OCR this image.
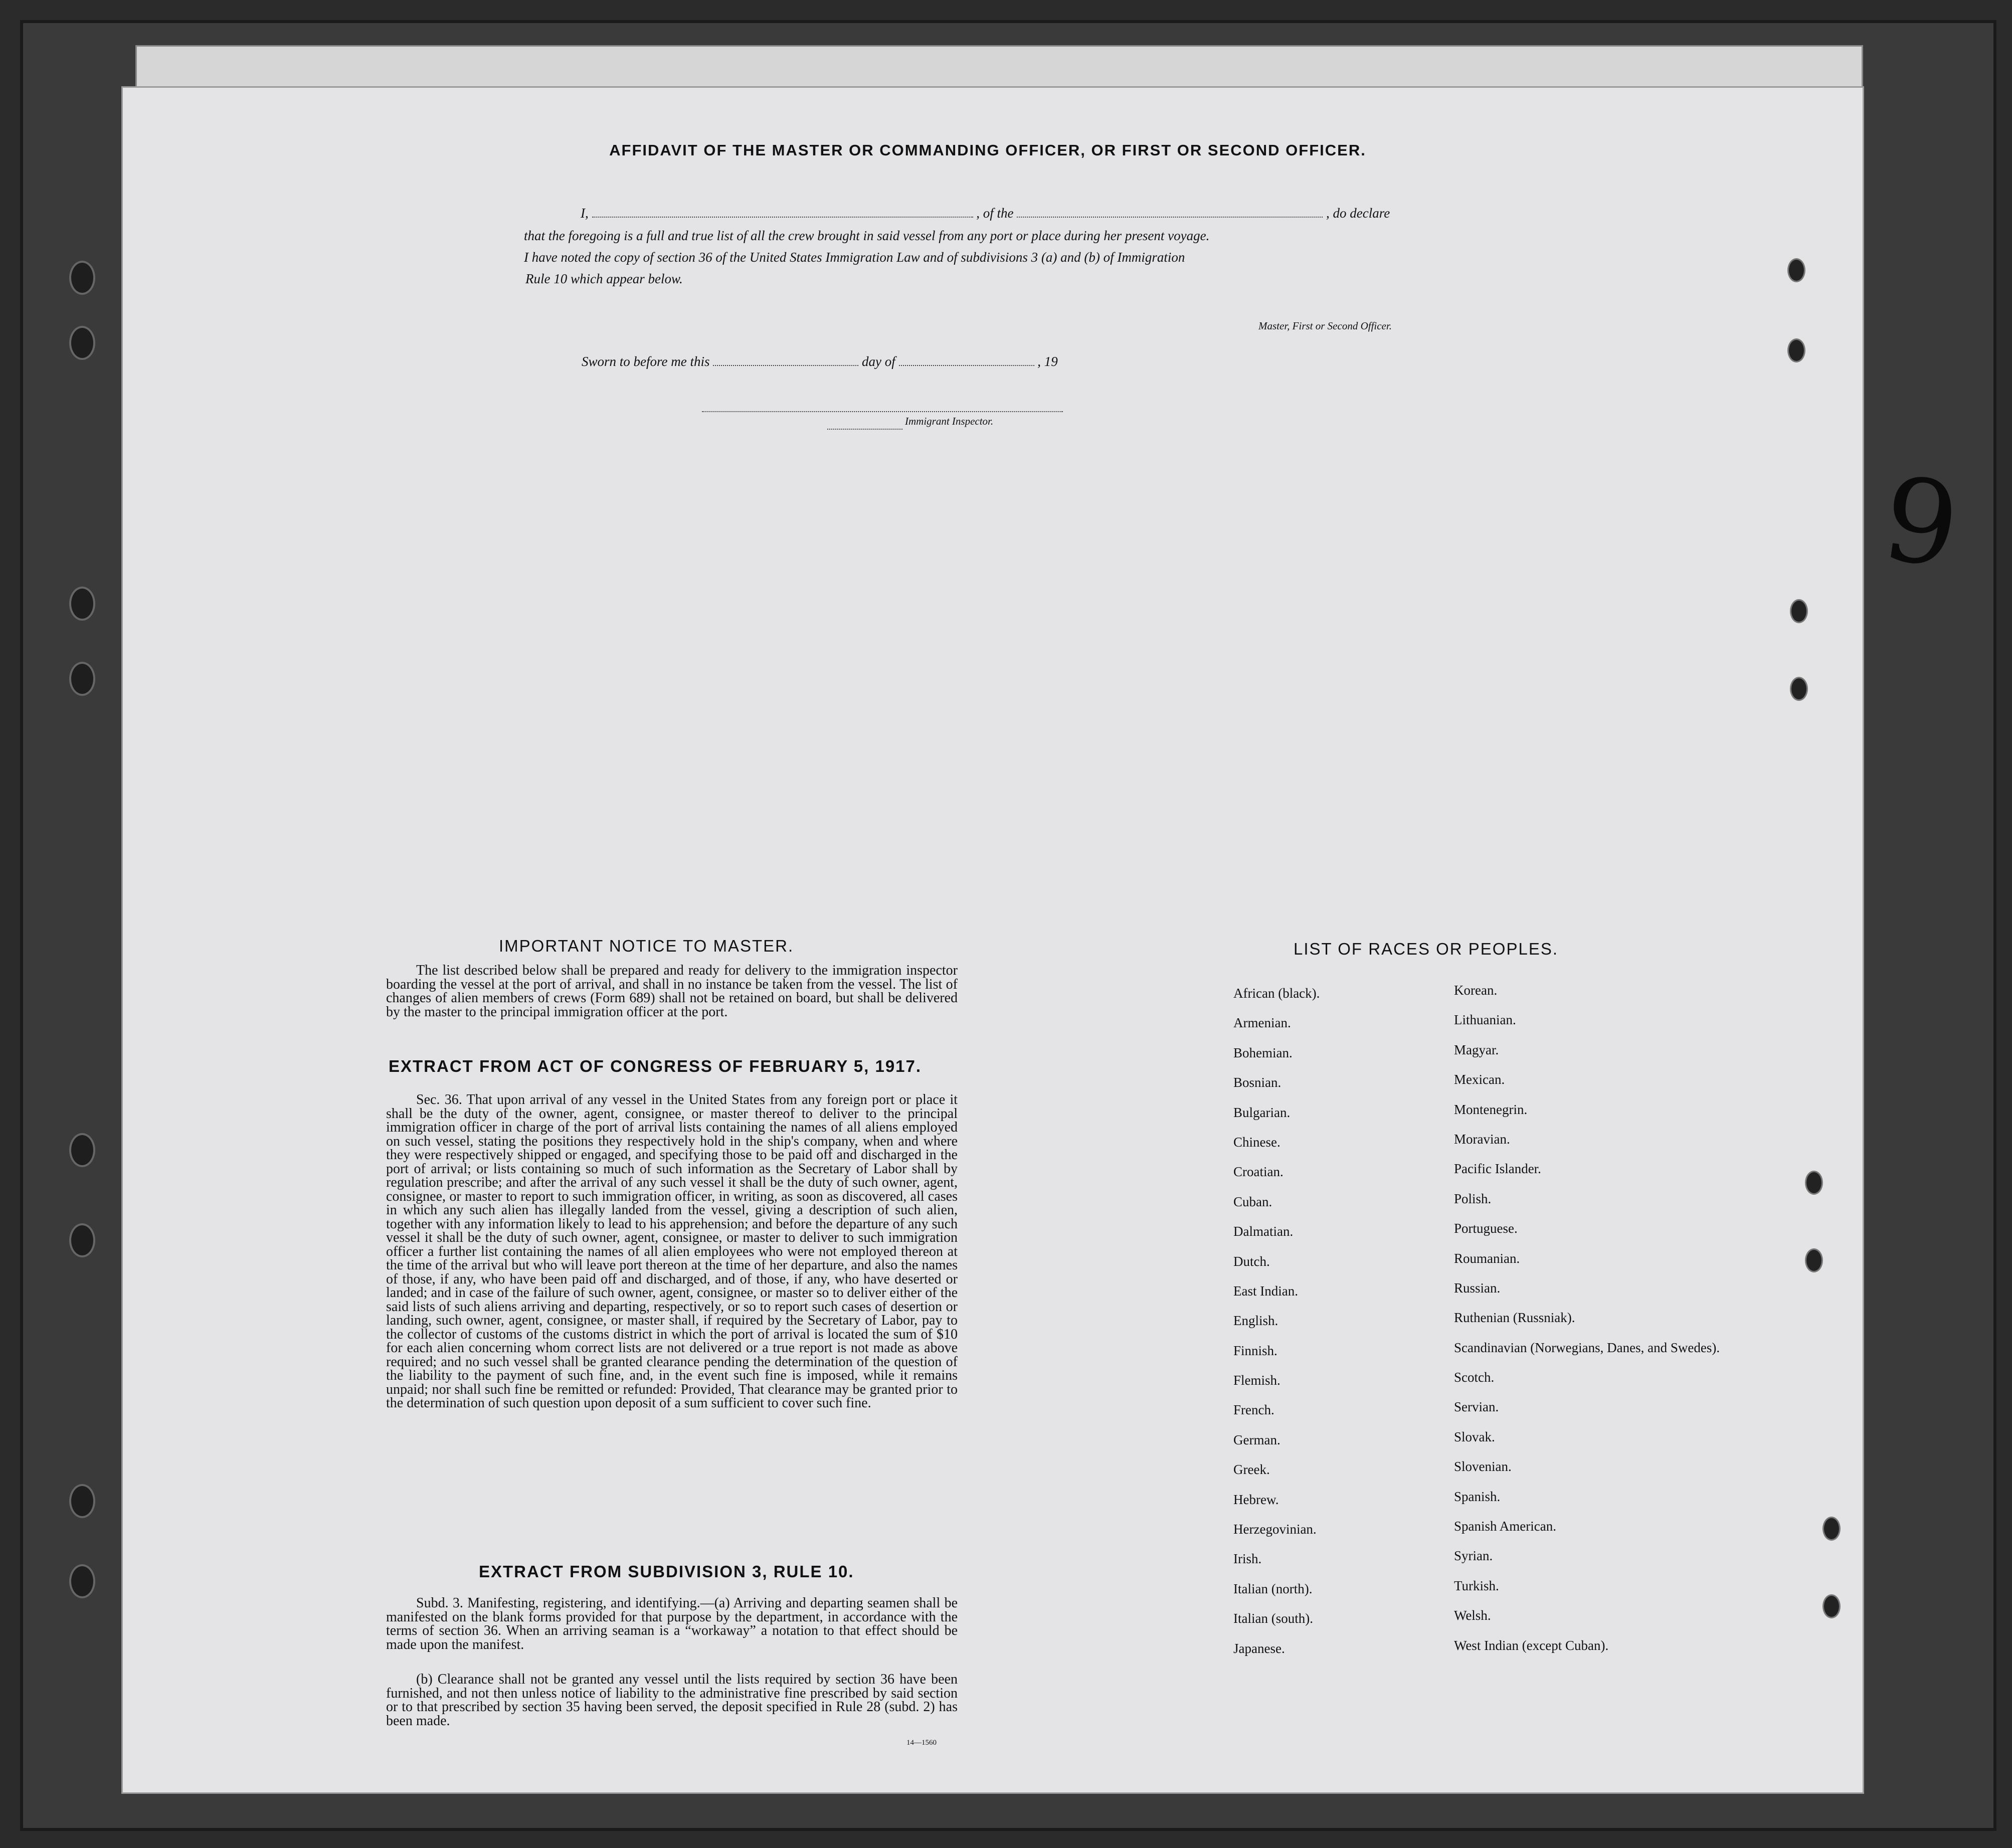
9
AFFIDAVIT OF THE MASTER OR COMMANDING OFFICER, OR FIRST OR SECOND OFFICER.
I,	, of the	, do declare
that the foregoing is a full and true list of all the crew brought in said vessel from any port or place during her present voyage.
I have noted the copy of section 36 of the United States Immigration Law and of subdivisions 3 (a) and (b) of Immigration
Rule 10 which appear below.
Master, First or Second Officer.
Sworn to before me this	day of	, 19
Immigrant Inspector.
IMPORTANT NOTICE TO MASTER.
The list described below shall be prepared and ready for delivery to the immigration inspector boarding the vessel at the port of arrival, and shall in no instance be taken from the vessel. The list of changes of alien members of crews (Form 689) shall not be retained on board, but shall be delivered by the master to the principal immigration officer at the port.
EXTRACT FROM ACT OF CONGRESS OF FEBRUARY 5, 1917.
Sec. 36. That upon arrival of any vessel in the United States from any foreign port or place it shall be the duty of the owner, agent, consignee, or master thereof to deliver to the principal immigration officer in charge of the port of arrival lists containing the names of all aliens employed on such vessel, stating the positions they respectively hold in the ship's company, when and where they were respectively shipped or engaged, and specifying those to be paid off and discharged in the port of arrival; or lists containing so much of such information as the Secretary of Labor shall by regulation prescribe; and after the arrival of any such vessel it shall be the duty of such owner, agent, consignee, or master to report to such immigration officer, in writing, as soon as discovered, all cases in which any such alien has illegally landed from the vessel, giving a description of such alien, together with any information likely to lead to his apprehension; and before the departure of any such vessel it shall be the duty of such owner, agent, consignee, or master to deliver to such immigration officer a further list containing the names of all alien employees who were not employed thereon at the time of the arrival but who will leave port thereon at the time of her departure, and also the names of those, if any, who have been paid off and discharged, and of those, if any, who have deserted or landed; and in case of the failure of such owner, agent, consignee, or master so to deliver either of the said lists of such aliens arriving and departing, respectively, or so to report such cases of desertion or landing, such owner, agent, consignee, or master shall, if required by the Secretary of Labor, pay to the collector of customs of the customs district in which the port of arrival is located the sum of $10 for each alien concerning whom correct lists are not delivered or a true report is not made as above required; and no such vessel shall be granted clearance pending the determination of the question of the liability to the payment of such fine, and, in the event such fine is imposed, while it remains unpaid; nor shall such fine be remitted or refunded: Provided, That clearance may be granted prior to the determination of such question upon deposit of a sum sufficient to cover such fine.
EXTRACT FROM SUBDIVISION 3, RULE 10.
Subd. 3. Manifesting, registering, and identifying.—(a) Arriving and departing seamen shall be manifested on the blank forms provided for that purpose by the department, in accordance with the terms of section 36. When an arriving seaman is a “workaway” a notation to that effect should be made upon the manifest.
(b) Clearance shall not be granted any vessel until the lists required by section 36 have been furnished, and not then unless notice of liability to the administrative fine prescribed by said section or to that prescribed by section 35 having been served, the deposit specified in Rule 28 (subd. 2) has been made.
14—1560
LIST OF RACES OR PEOPLES.
African (black).
Armenian.
Bohemian.
Bosnian.
Bulgarian.
Chinese.
Croatian.
Cuban.
Dalmatian.
Dutch.
East Indian.
English.
Finnish.
Flemish.
French.
German.
Greek.
Hebrew.
Herzegovinian.
Irish.
Italian (north).
Italian (south).
Japanese.
Korean.
Lithuanian.
Magyar.
Mexican.
Montenegrin.
Moravian.
Pacific Islander.
Polish.
Portuguese.
Roumanian.
Russian.
Ruthenian (Russniak).
Scandinavian (Norwegians, Danes, and Swedes).
Scotch.
Servian.
Slovak.
Slovenian.
Spanish.
Spanish American.
Syrian.
Turkish.
Welsh.
West Indian (except Cuban).
